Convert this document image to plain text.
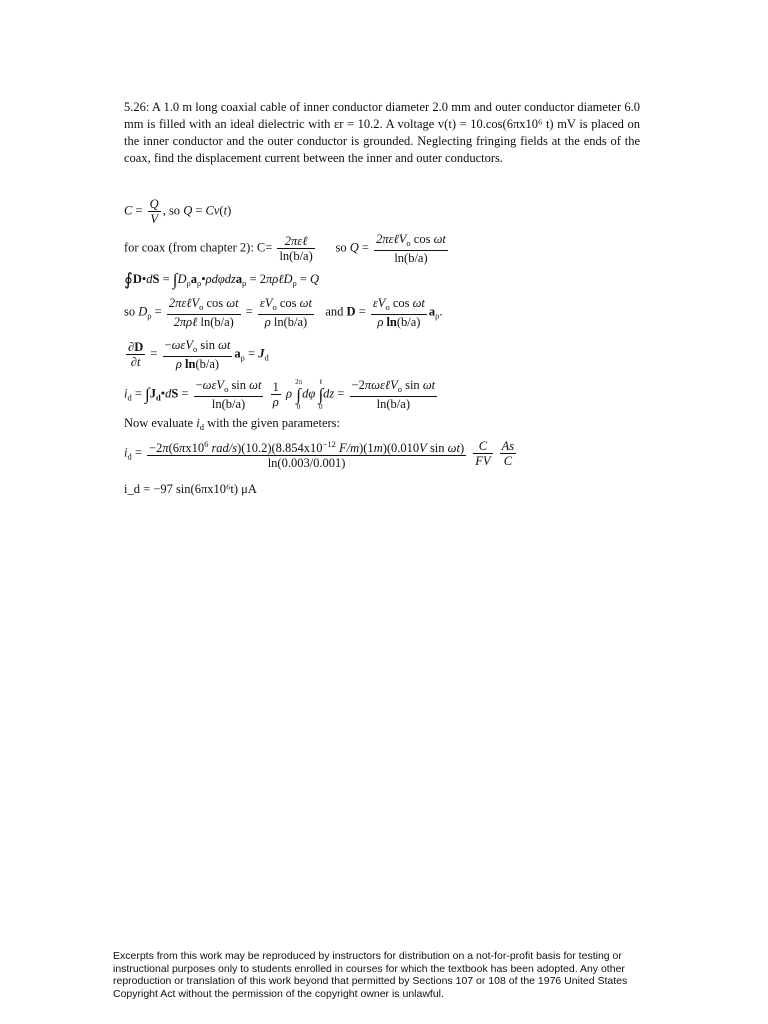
5.26: A 1.0 m long coaxial cable of inner conductor diameter 2.0 mm and outer conductor diameter 6.0 mm is filled with an ideal dielectric with εr = 10.2. A voltage v(t) = 10.cos(6πx10⁶ t) mV is placed on the inner conductor and the outer conductor is grounded. Neglecting fringing fields at the ends of the coax, find the displacement current between the inner and outer conductors.
$C = \frac{Q}{V}$ , so Q = Cv(t)
for coax (from chapter 2): $C= \frac{\text{2πεℓ}}{\ln(b/a)}$ so $Q = \frac{2\pi\varepsilon\ell V_o \cos \omega t}{\ln(b/a)}$
∮D•dS = $\int D_\rho a_\rho•\rho d\varphi dza_\rho$ = 2πρℓD$_\rho$ = Q
so $D_\rho = \frac{2\pi\varepsilon\ell V_o \cos \omega t}{\text{2πρℓ ln(b/a)}} = \frac{\varepsilon V_o \cos \omega t}{\text{ρ ln(b/a)}}$ and $D = \frac{\varepsilon V_o \cos \omega t}{\text{ρ ln(b/a)}} a_\rho$.
$\frac{\partial D}{\partial t} = \frac{-\omega\varepsilon V_o \sin \omega t}{\text{ρ ln(b/a)}} a_\rho = J_d$
$i_d$ = $\int J_d•dS = \frac{-\omega\varepsilon V_o \sin \omega t}{\ln(b/a)}$
$\frac{1}{\rho}$ ρ 2π
∫
0dφ ℓ
∫
$0dz = \frac{-2\pi\omega\varepsilon\ell V_o \sin \omega t}{\ln(b/a)}$
Now evaluate $i_d$ with the given parameters:
$i_d = \frac{-2\pi(6\pi x10^6 rad/s)(10.2)(8.854x10^{-12} F/m)(1m)(0.010V \sin \omega t)}{\ln(0.003/0.001)}$
$\frac{C}{FV}$
$\frac{As}{C}$
i_d = −97 sin(6πx10⁶t) μA
Excerpts from this work may be reproduced by instructors for distribution on a not-for-profit basis for testing or instructional purposes only to students enrolled in courses for which the textbook has been adopted. Any other reproduction or translation of this work beyond that permitted by Sections 107 or 108 of the 1976 United States Copyright Act without the permission of the copyright owner is unlawful.
